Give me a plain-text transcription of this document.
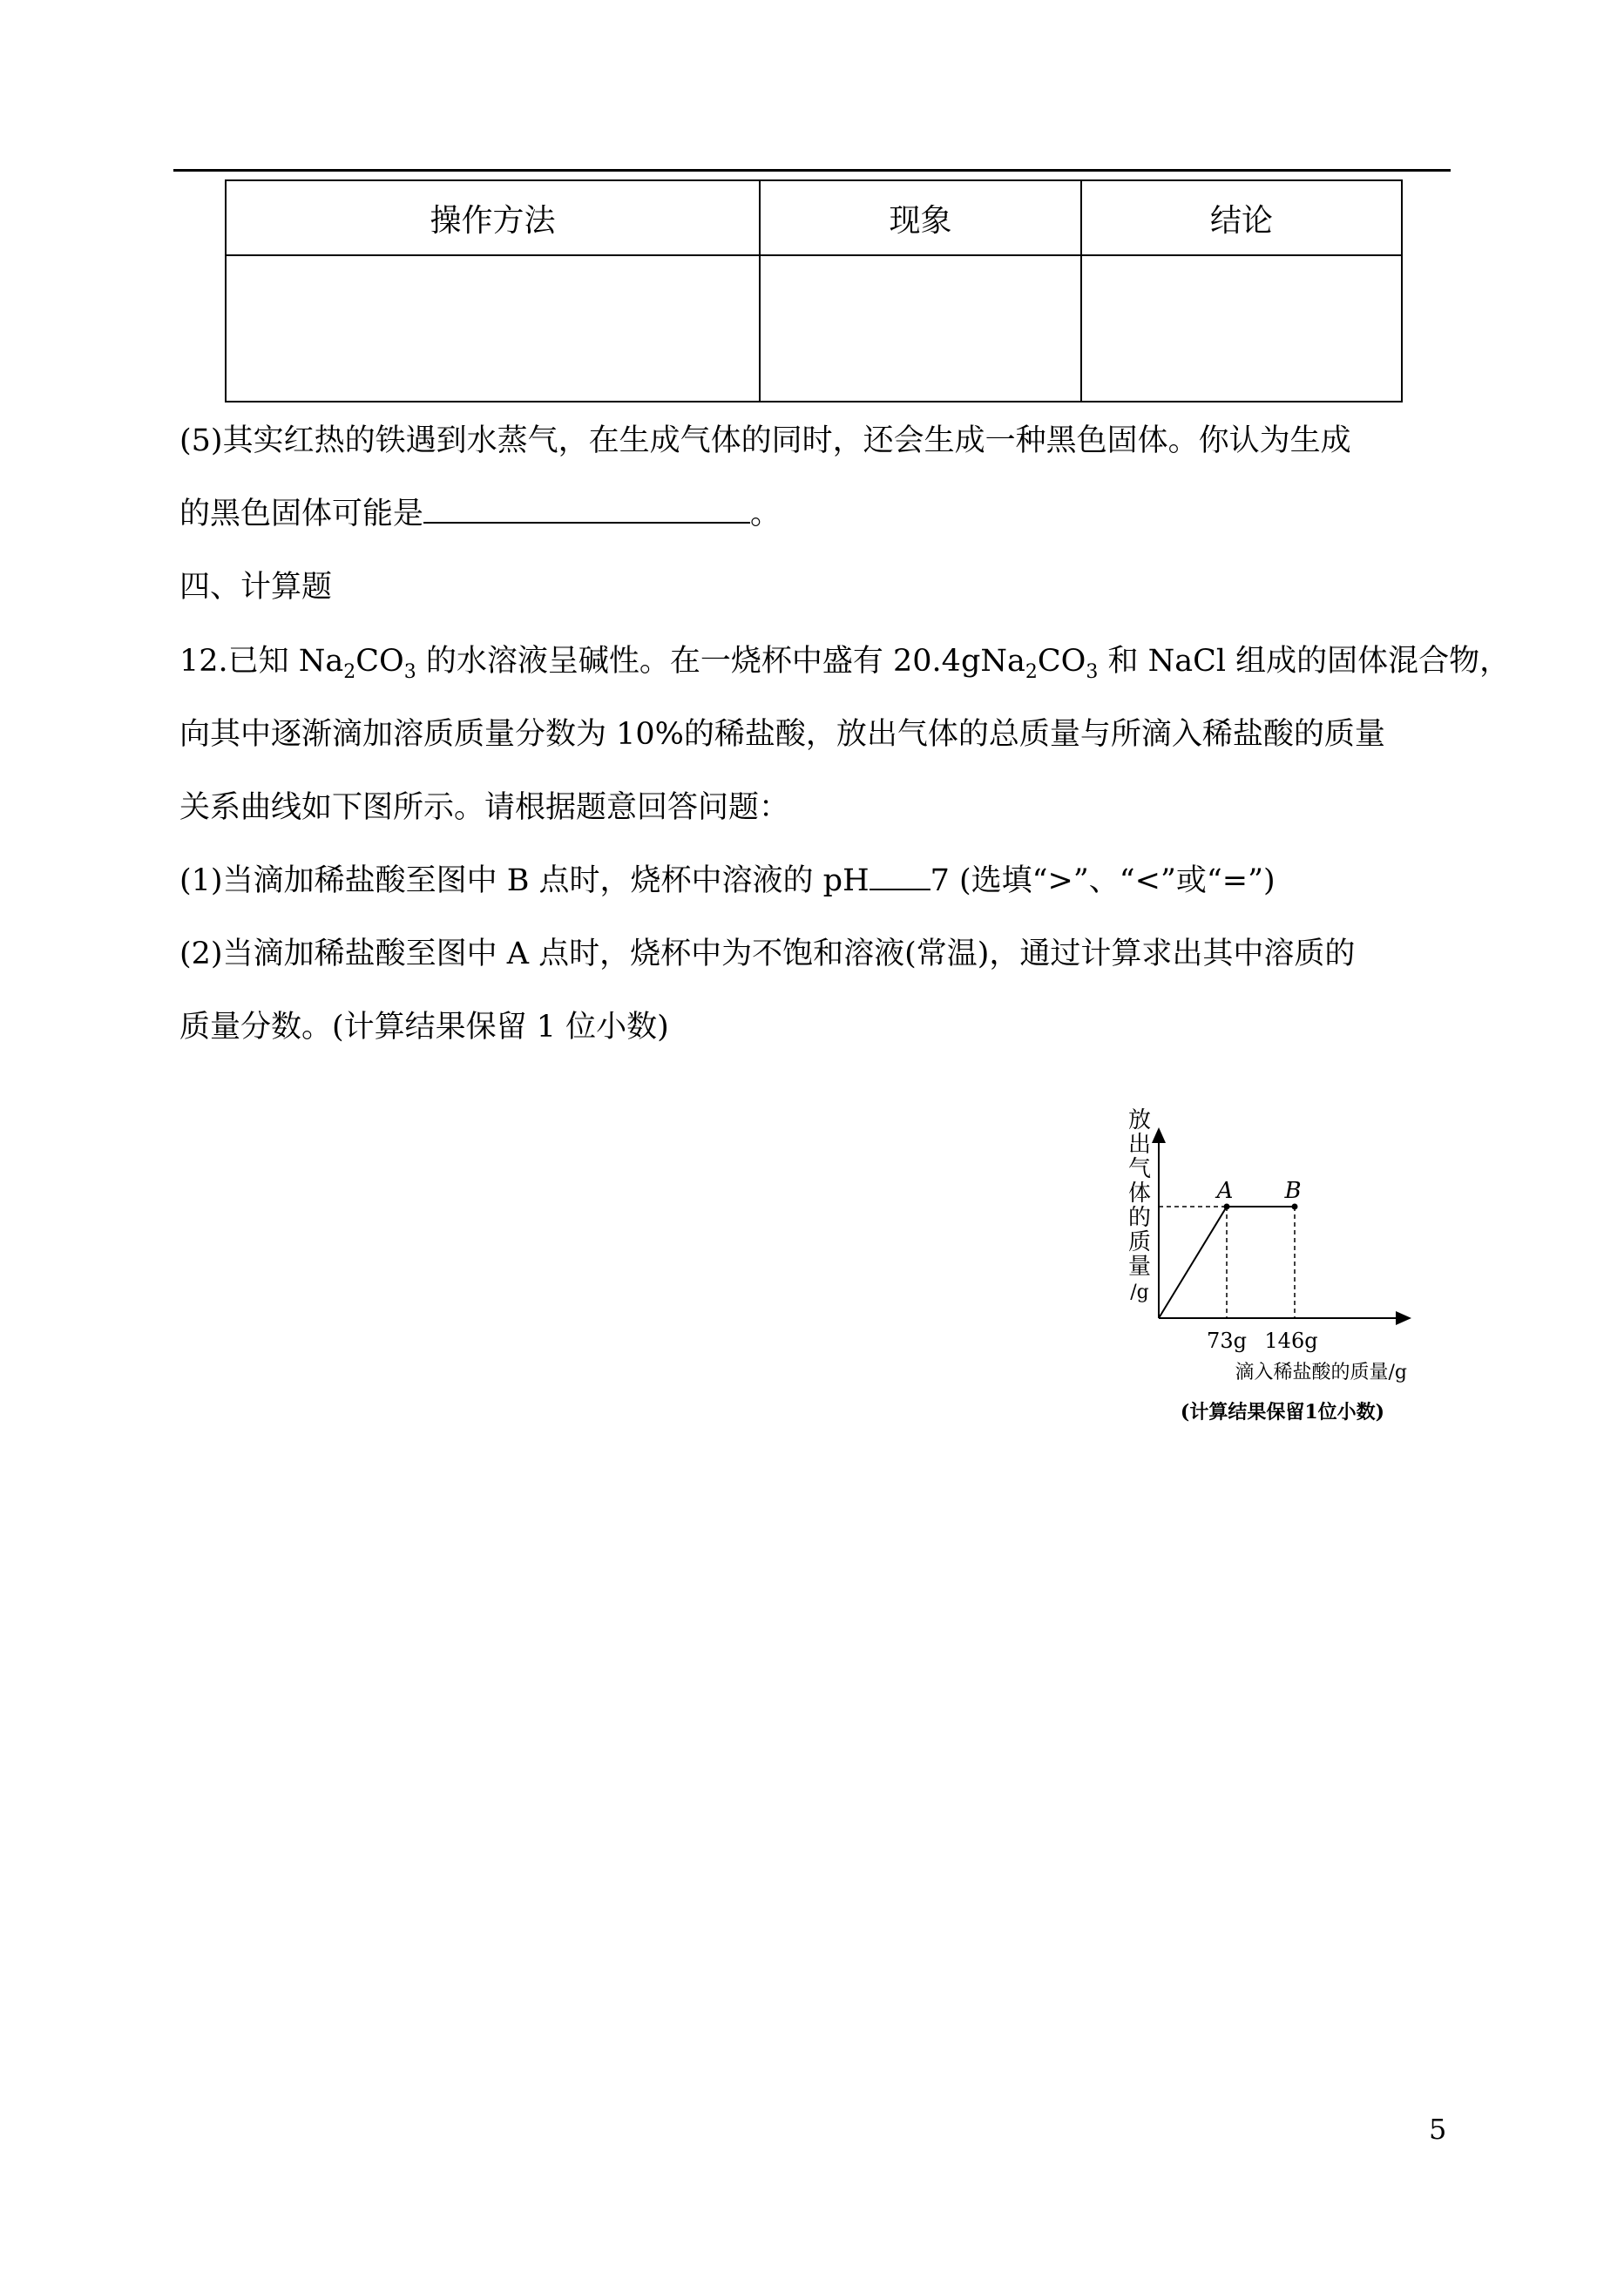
操作方法	现象	结论

(5)其实红热的铁遇到水蒸气，在生成气体的同时，还会生成一种黑色固体。你认为生成
的黑色固体可能是	。
四、计算题
12.已知 $Na_2CO_3$ 的水溶液呈碱性。在一烧杯中盛有 $20.4gNa_2CO_3$ 和 NaCl 组成的固体混合物，
向其中逐渐滴加溶质质量分数为 10%的稀盐酸，放出气体的总质量与所滴入稀盐酸的质量
关系曲线如下图所示。请根据题意回答问题：
(1)当滴加稀盐酸至图中 B 点时，烧杯中溶液的 pH 7 (选填“>”、“<”或“=”)
(2)当滴加稀盐酸至图中 A 点时，烧杯中为不饱和溶液(常温)，通过计算求出其中溶质的
质量分数。(计算结果保留 1 位小数)
放
出
气
体
的
质
量
/g
73g 146g
A B
滴入稀盐酸的质量/g
(计算结果保留1位小数)
5
